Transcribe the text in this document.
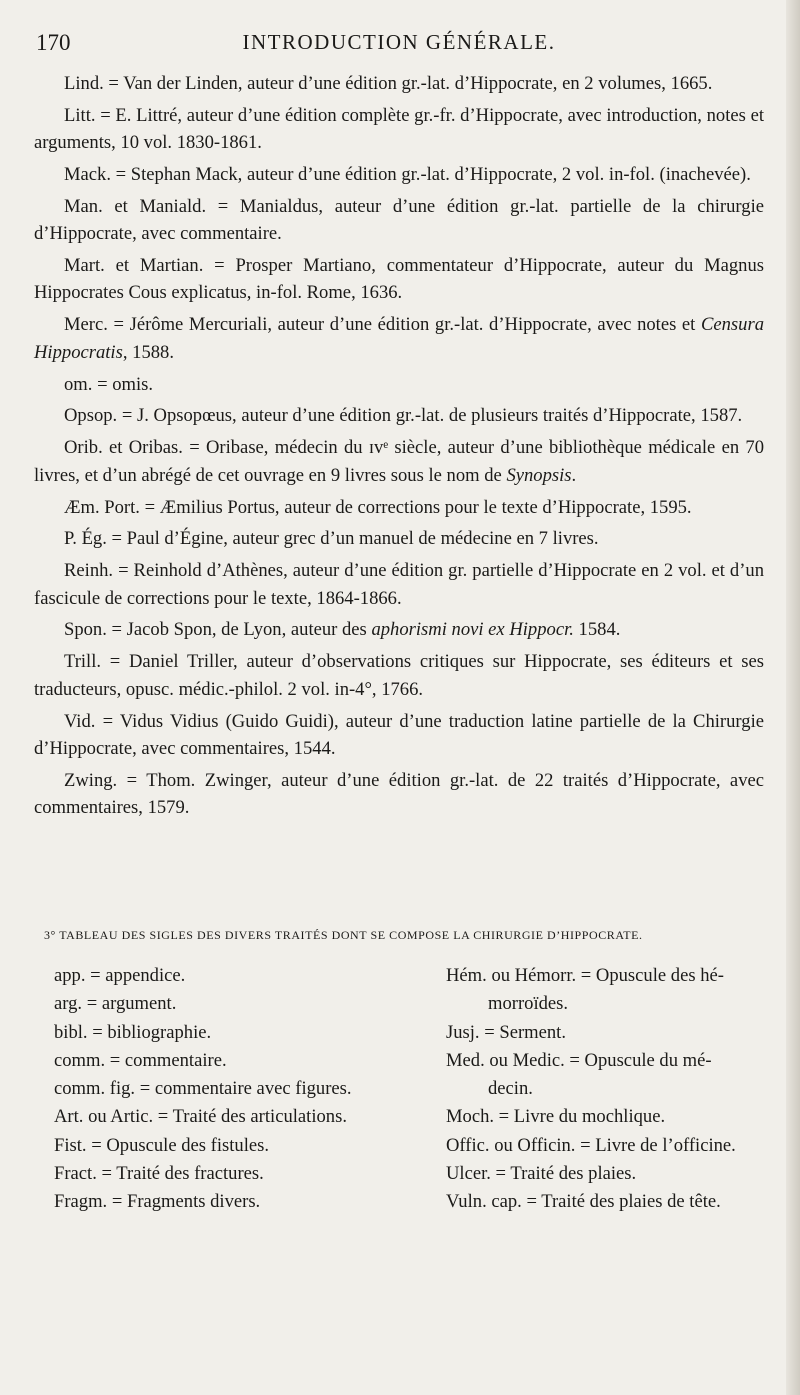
170	INTRODUCTION GÉNÉRALE.

Lind. = Van der Linden, auteur d’une édition gr.-lat. d’Hippocrate, en 2 volumes, 1665.

Litt. = E. Littré, auteur d’une édition complète gr.-fr. d’Hippocrate, avec introduction, notes et arguments, 10 vol. 1830-1861.

Mack. = Stephan Mack, auteur d’une édition gr.-lat. d’Hippocrate, 2 vol. in-fol. (inachevée).

Man. et Maniald. = Manialdus, auteur d’une édition gr.-lat. partielle de la chirurgie d’Hippocrate, avec commentaire.

Mart. et Martian. = Prosper Martiano, commentateur d’Hippocrate, auteur du Magnus Hippocrates Cous explicatus, in-fol. Rome, 1636.

Merc. = Jérôme Mercuriali, auteur d’une édition gr.-lat. d’Hippocrate, avec notes et Censura Hippocratis, 1588.

om. = omis.

Opsop. = J. Opsopœus, auteur d’une édition gr.-lat. de plusieurs traités d’Hippocrate, 1587.

Orib. et Oribas. = Oribase, médecin du ɪvᵉ siècle, auteur d’une bibliothèque médicale en 70 livres, et d’un abrégé de cet ouvrage en 9 livres sous le nom de Synopsis.

Æm. Port. = Æmilius Portus, auteur de corrections pour le texte d’Hippocrate, 1595.

P. Ég. = Paul d’Égine, auteur grec d’un manuel de médecine en 7 livres.

Reinh. = Reinhold d’Athènes, auteur d’une édition gr. partielle d’Hippocrate en 2 vol. et d’un fascicule de corrections pour le texte, 1864-1866.

Spon. = Jacob Spon, de Lyon, auteur des aphorismi novi ex Hippocr. 1584.

Trill. = Daniel Triller, auteur d’observations critiques sur Hippocrate, ses éditeurs et ses traducteurs, opusc. médic.-philol. 2 vol. in-4°, 1766.

Vid. = Vidus Vidius (Guido Guidi), auteur d’une traduction latine partielle de la Chirurgie d’Hippocrate, avec commentaires, 1544.

Zwing. = Thom. Zwinger, auteur d’une édition gr.-lat. de 22 traités d’Hippocrate, avec commentaires, 1579.

3° TABLEAU DES SIGLES DES DIVERS TRAITÉS DONT SE COMPOSE LA CHIRURGIE D’HIPPOCRATE.
app. = appendice.
arg. = argument.
bibl. = bibliographie.
comm. = commentaire.
comm. fig. = commentaire avec figures.
Art. ou Artic. = Traité des articulations.
Fist. = Opuscule des fistules.
Fract. = Traité des fractures.
Fragm. = Fragments divers.
Hém. ou Hémorr. = Opuscule des hé-
morroïdes.
Jusj. = Serment.
Med. ou Medic. = Opuscule du mé-
decin.
Moch. = Livre du mochlique.
Offic. ou Officin. = Livre de l’officine.
Ulcer. = Traité des plaies.
Vuln. cap. = Traité des plaies de tête.
